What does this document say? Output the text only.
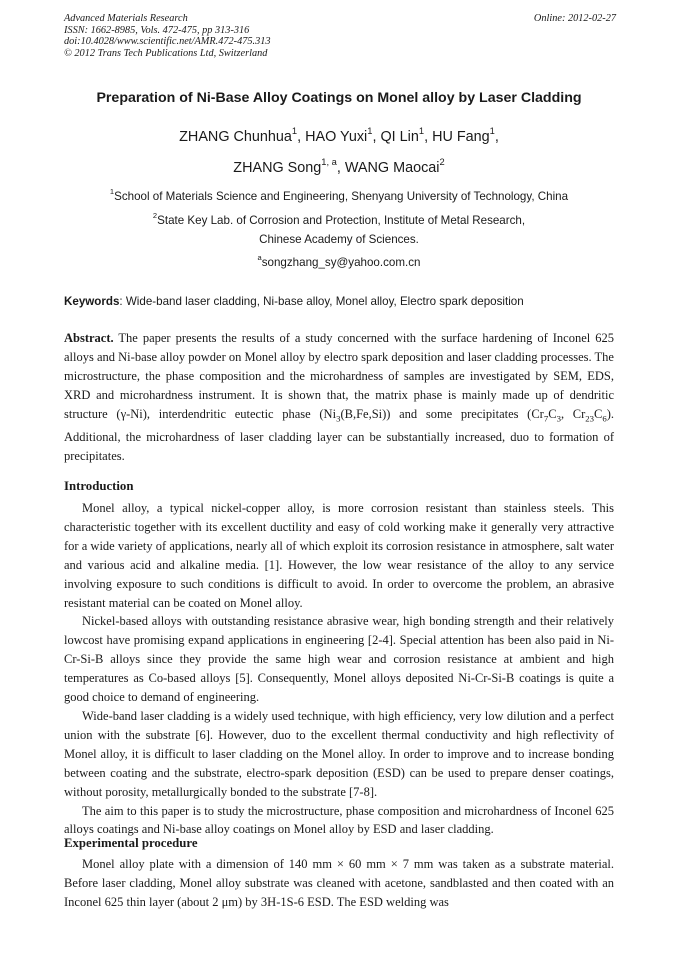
Advanced Materials Research
ISSN: 1662-8985, Vols. 472-475, pp 313-316
doi:10.4028/www.scientific.net/AMR.472-475.313
© 2012 Trans Tech Publications Ltd, Switzerland
Online: 2012-02-27
Preparation of Ni-Base Alloy Coatings on Monel alloy by Laser Cladding
ZHANG Chunhua$^1$, HAO Yuxi$^1$, QI Lin$^1$, HU Fang$^1$,
ZHANG Song$^{1, a}$, WANG Maocai$^2$
$^1$School of Materials Science and Engineering, Shenyang University of Technology, China
$^2$State Key Lab. of Corrosion and Protection, Institute of Metal Research,
Chinese Academy of Sciences.
$^a$songzhang_sy@yahoo.com.cn
Keywords: Wide-band laser cladding, Ni-base alloy, Monel alloy, Electro spark deposition

Abstract. The paper presents the results of a study concerned with the surface hardening of Inconel 625 alloys and Ni-base alloy powder on Monel alloy by electro spark deposition and laser cladding processes. The microstructure, the phase composition and the microhardness of samples are investigated by SEM, EDS, XRD and microhardness instrument. It is shown that, the matrix phase is mainly made up of dendritic structure (γ-Ni), interdendritic eutectic phase $(Ni_3(B,Fe,Si))$ and some precipitates ($Cr_7C_3$, $Cr_{23}C_6$). Additional, the microhardness of laser cladding layer can be substantially increased, duo to formation of precipitates.

Introduction

Monel alloy, a typical nickel-copper alloy, is more corrosion resistant than stainless steels. This characteristic together with its excellent ductility and easy of cold working make it generally very attractive for a wide variety of applications, nearly all of which exploit its corrosion resistance in atmosphere, salt water and various acid and alkaline media. [1]. However, the low wear resistance of the alloy to any service involving exposure to such conditions is difficult to avoid. In order to overcome the problem, an abrasive resistant material can be coated on Monel alloy.

Nickel-based alloys with outstanding resistance abrasive wear, high bonding strength and their relatively lowcost have promising expand applications in engineering [2-4]. Special attention has been also paid in Ni-Cr-Si-B alloys since they provide the same high wear and corrosion resistance at ambient and high temperatures as Co-based alloys [5]. Consequently, Monel alloys deposited Ni-Cr-Si-B coatings is quite a good choice to demand of engineering.

Wide-band laser cladding is a widely used technique, with high efficiency, very low dilution and a perfect union with the substrate [6]. However, duo to the excellent thermal conductivity and high reflectivity of Monel alloy, it is difficult to laser cladding on the Monel alloy. In order to improve and to increase bonding between coating and the substrate, electro-spark deposition (ESD) can be used to prepare denser coatings, without porosity, metallurgically bonded to the substrate [7-8].

The aim to this paper is to study the microstructure, phase composition and microhardness of Inconel 625 alloys coatings and Ni-base alloy coatings on Monel alloy by ESD and laser cladding.

Experimental procedure

Monel alloy plate with a dimension of 140 mm × 60 mm × 7 mm was taken as a substrate material. Before laser cladding, Monel alloy substrate was cleaned with acetone, sandblasted and then coated with an Inconel 625 thin layer (about 2 μm) by 3H-1S-6 ESD. The ESD welding was
